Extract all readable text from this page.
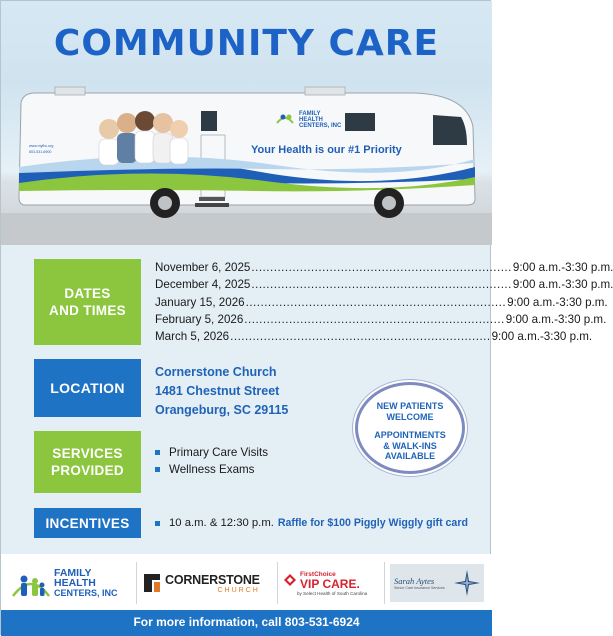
COMMUNITY CARE
FAMILY
HEALTH
CENTERS, INC
Your Health is our #1 Priority
www.myfhc.org
803-531-6900
DATES
AND TIMES
November 6, 2025 ...................................................................... 9:00 a.m.-3:30 p.m.
December 4, 2025 ...................................................................... 9:00 a.m.-3:30 p.m.
January 15, 2026 ...................................................................... 9:00 a.m.-3:30 p.m.
February 5, 2026 ...................................................................... 9:00 a.m.-3:30 p.m.
March 5, 2026 ...................................................................... 9:00 a.m.-3:30 p.m.
LOCATION
Cornerstone Church
1481 Chestnut Street
Orangeburg, SC 29115	NEW PATIENTS
WELCOME
APPOINTMENTS
& WALK-INS
AVAILABLE
SERVICES
PROVIDED
Primary Care Visits
Wellness Exams
INCENTIVES	10 a.m. & 12:30 p.m. Raffle for $100 Piggly Wiggly gift card
FAMILY
HEALTH
CENTERS, INC
CORNERSTONE
CHURCH
FirstChoice
VIP CARE.
by Select Health of South Carolina
Sarah Aytes
Senior Care Insurance Services
For more information, call 803-531-6924
